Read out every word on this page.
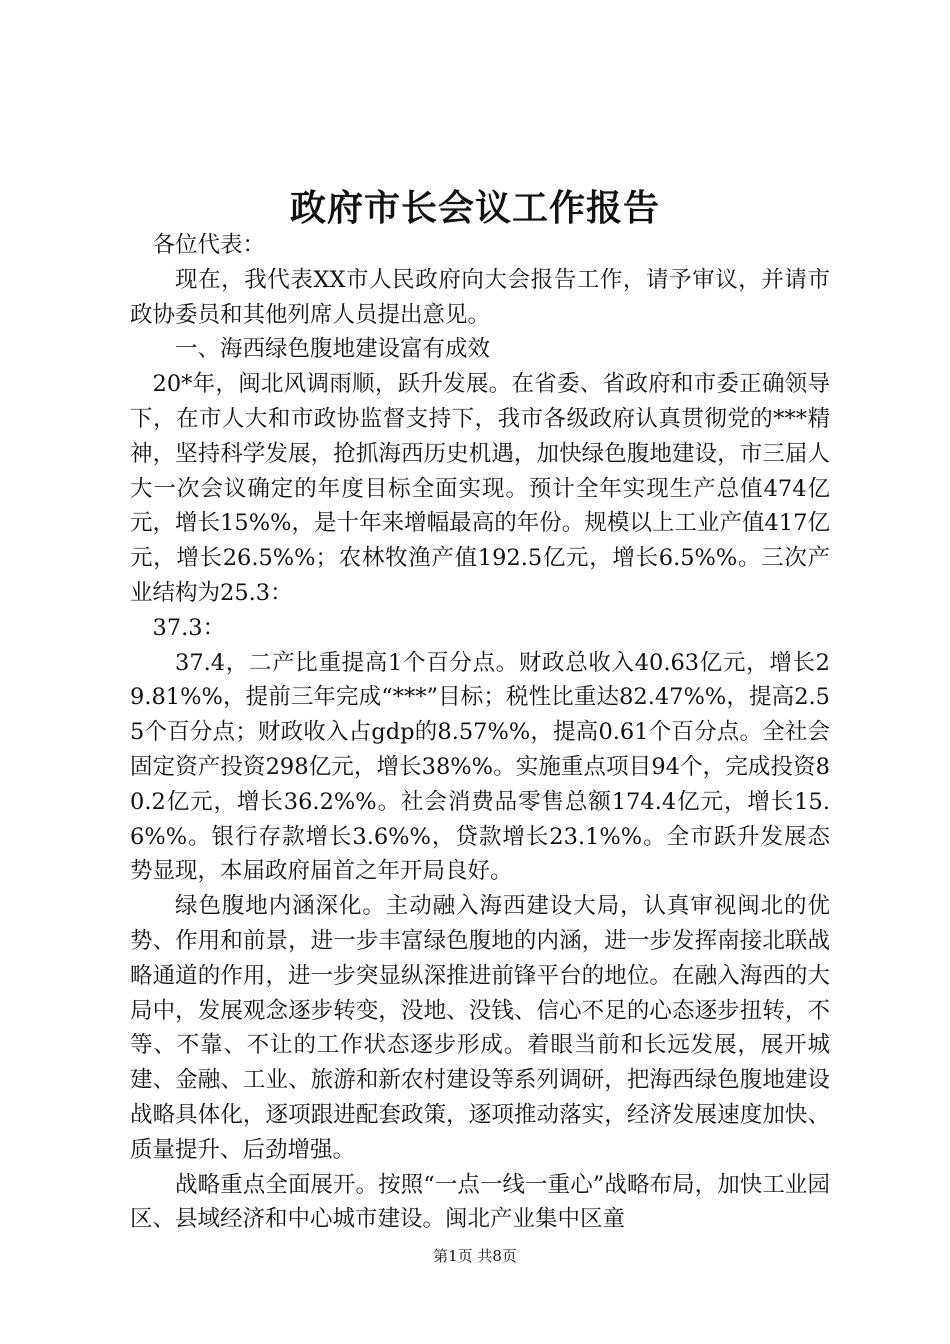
政府市长会议工作报告

各位代表：

现在，我代表XX市人民政府向大会报告工作，请予审议，并请市政协委员和其他列席人员提出意见。

一、海西绿色腹地建设富有成效

20*年，闽北风调雨顺，跃升发展。在省委、省政府和市委正确领导下，在市人大和市政协监督支持下，我市各级政府认真贯彻党的***精神，坚持科学发展，抢抓海西历史机遇，加快绿色腹地建设，市三届人大一次会议确定的年度目标全面实现。预计全年实现生产总值474亿元，增长15%%，是十年来增幅最高的年份。规模以上工业产值417亿元，增长26.5%%；农林牧渔产值192.5亿元，增长6.5%%。三次产业结构为25.3：

37.3：

37.4，二产比重提高1个百分点。财政总收入40.63亿元，增长29.81%%，提前三年完成“***”目标；税性比重达82.47%%，提高2.55个百分点；财政收入占gdp的8.57%%，提高0.61个百分点。全社会固定资产投资298亿元，增长38%%。实施重点项目94个，完成投资80.2亿元，增长36.2%%。社会消费品零售总额174.4亿元，增长15.6%%。银行存款增长3.6%%，贷款增长23.1%%。全市跃升发展态势显现，本届政府届首之年开局良好。

绿色腹地内涵深化。主动融入海西建设大局，认真审视闽北的优势、作用和前景，进一步丰富绿色腹地的内涵，进一步发挥南接北联战略通道的作用，进一步突显纵深推进前锋平台的地位。在融入海西的大局中，发展观念逐步转变，没地、没钱、信心不足的心态逐步扭转，不等、不靠、不让的工作状态逐步形成。着眼当前和长远发展，展开城建、金融、工业、旅游和新农村建设等系列调研，把海西绿色腹地建设战略具体化，逐项跟进配套政策，逐项推动落实，经济发展速度加快、质量提升、后劲增强。

战略重点全面展开。按照“一点一线一重心”战略布局，加快工业园区、县域经济和中心城市建设。闽北产业集中区童

第1页 共8页
